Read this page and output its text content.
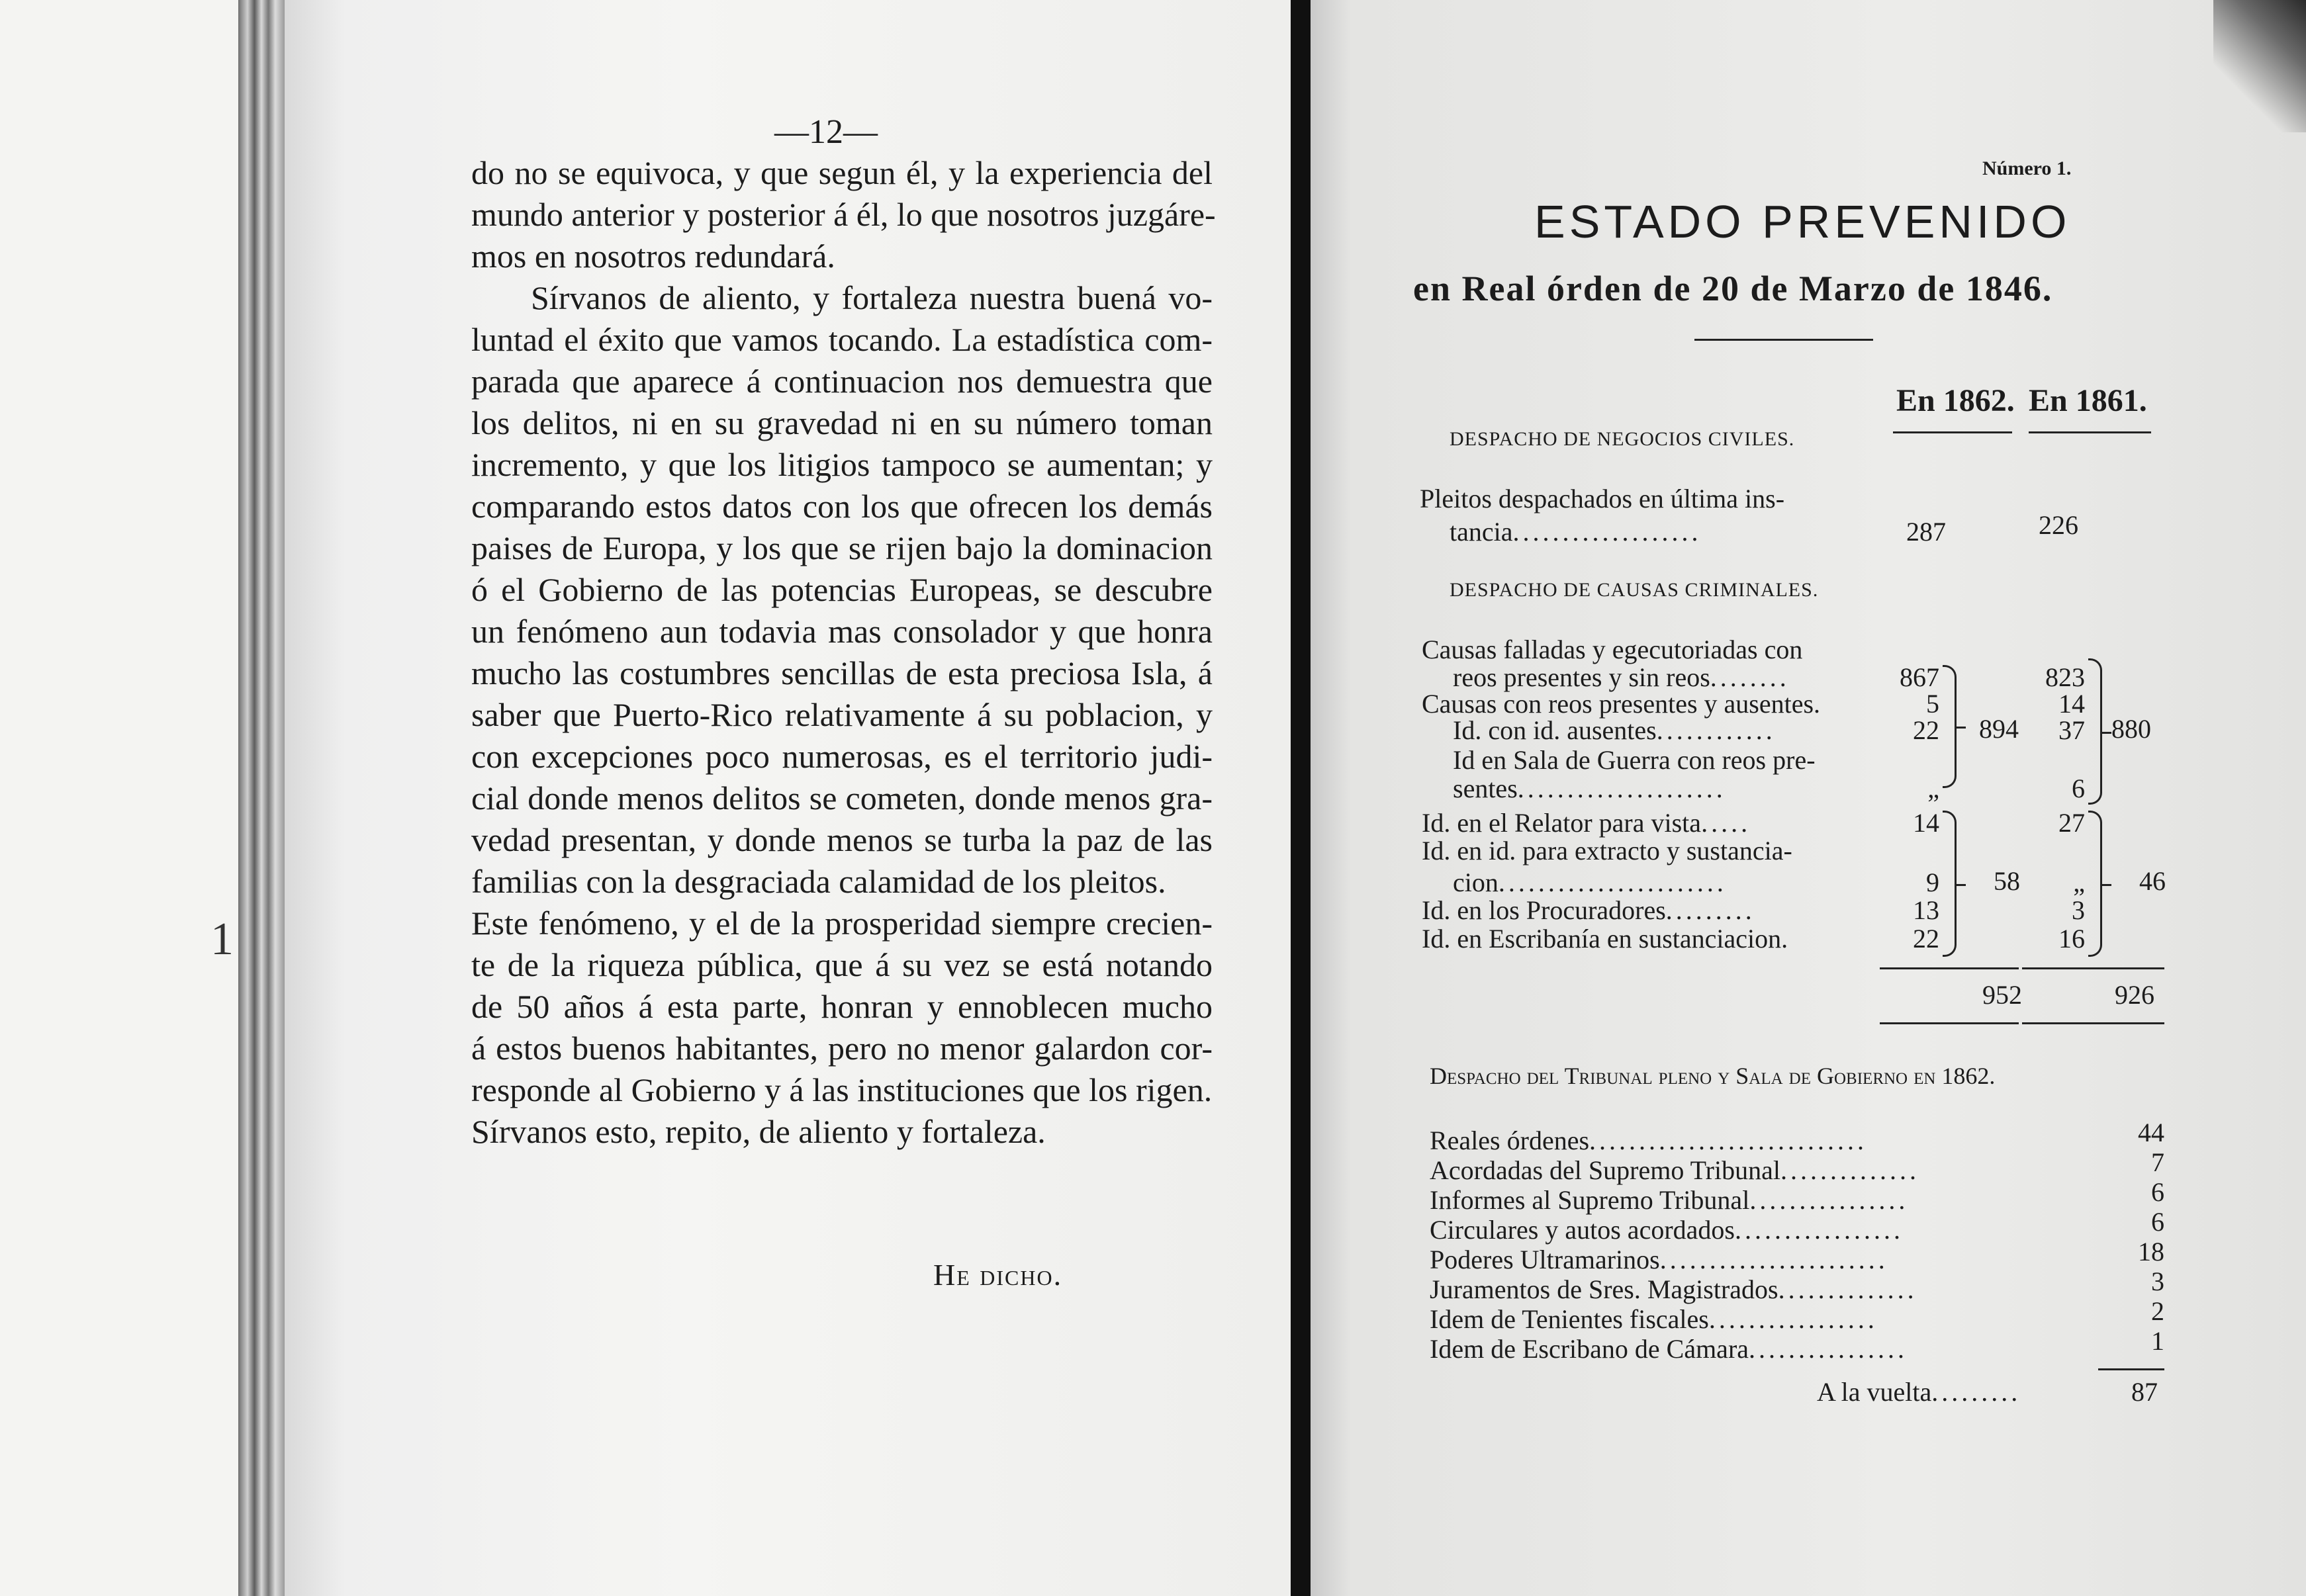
1
—12—
do no se equivoca, y que segun él, y la experiencia del
mundo anterior y posterior á él, lo que nosotros juzgáre-
mos en nosotros redundará.
Sírvanos de aliento, y fortaleza nuestra buená vo-
luntad el éxito que vamos tocando. La estadística com-
parada que aparece á continuacion nos demuestra que
los delitos, ni en su gravedad ni en su número toman
incremento, y que los litigios tampoco se aumentan; y
comparando estos datos con los que ofrecen los demás
paises de Europa, y los que se rijen bajo la dominacion
ó el Gobierno de las potencias Europeas, se descubre
un fenómeno aun todavia mas consolador y que honra
mucho las costumbres sencillas de esta preciosa Isla, á
saber que Puerto-Rico relativamente á su poblacion, y
con excepciones poco numerosas, es el territorio judi-
cial donde menos delitos se cometen, donde menos gra-
vedad presentan, y donde menos se turba la paz de las
familias con la desgraciada calamidad de los pleitos.
Este fenómeno, y el de la prosperidad siempre crecien-
te de la riqueza pública, que á su vez se está notando
de 50 años á esta parte, honran y ennoblecen mucho
á estos buenos habitantes, pero no menor galardon cor-
responde al Gobierno y á las instituciones que los rigen.
Sírvanos esto, repito, de aliento y fortaleza.
He dicho.
Número 1.
ESTADO PREVENIDO
en Real órden de 20 de Marzo de 1846.
En 1862. En 1861.
DESPACHO DE NEGOCIOS CIVILES.
Pleitos despachados en última ins-
tancia...................	287	226
DESPACHO DE CAUSAS CRIMINALES.
Causas falladas y egecutoriadas con
reos presentes y sin reos........	867	823
Causas con reos presentes y ausentes.	5	14
Id. con id. ausentes............	22	37
Id en Sala de Guerra con reos pre-
sentes.....................	„	6
Id. en el Relator para vista.....	14	27
Id. en id. para extracto y sustancia-
cion.......................	9	„
Id. en los Procuradores.........	13	3
Id. en Escribanía en sustanciacion.	22	16
894	880
58	46
952	926
Despacho del Tribunal pleno y Sala de Gobierno en 1862.
Reales órdenes............................	44
Acordadas del Supremo Tribunal..............	7
Informes al Supremo Tribunal................	6
Circulares y autos acordados.................	6
Poderes Ultramarinos.......................	18
Juramentos de Sres. Magistrados..............	3
Idem de Tenientes fiscales.................	2
Idem de Escribano de Cámara................	1
A la vuelta.........	87
